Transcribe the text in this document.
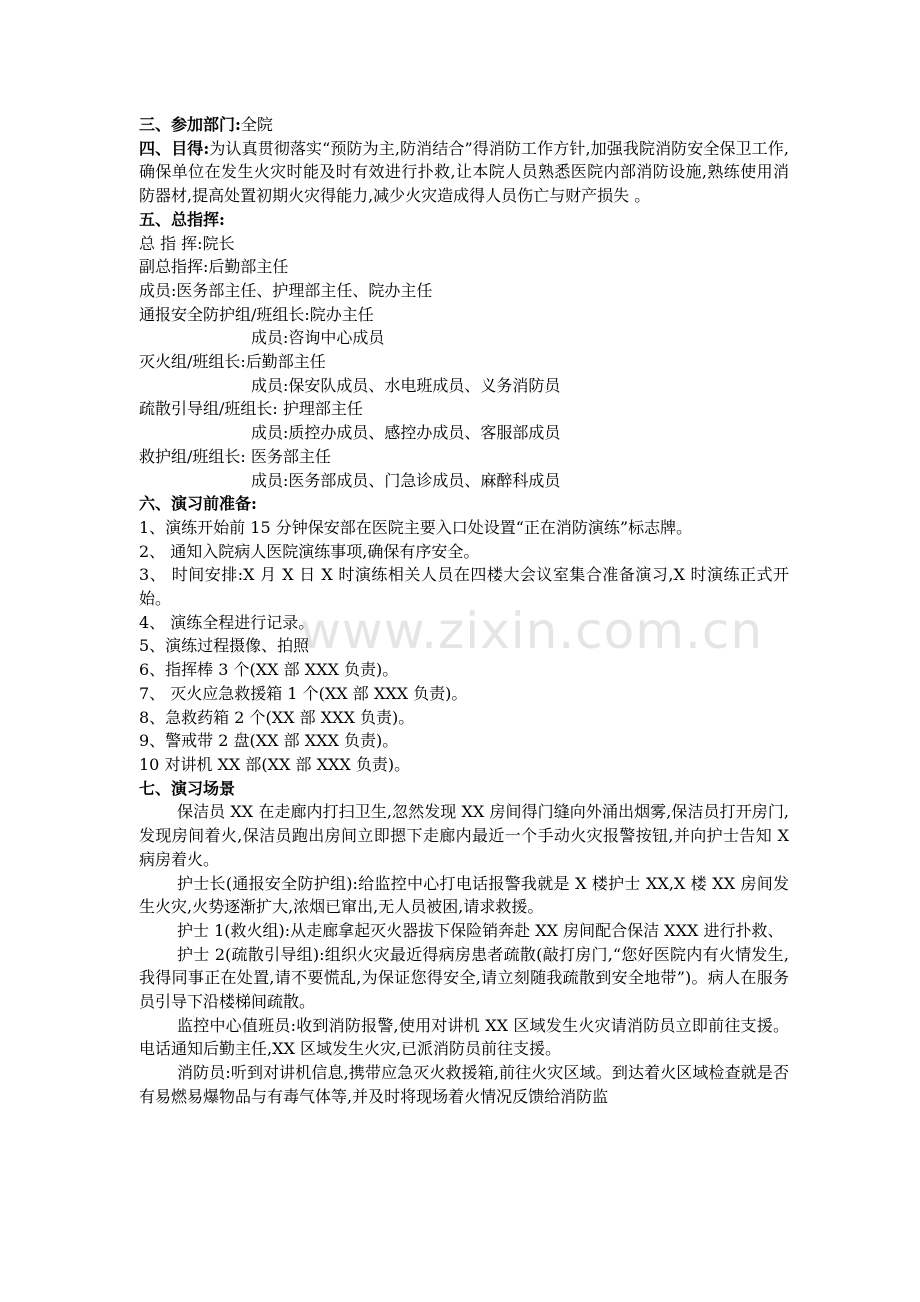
三、参加部门:全院
四、目得:为认真贯彻落实“预防为主,防消结合”得消防工作方针,加强我院消防安全保卫工作,确保单位在发生火灾时能及时有效进行扑救,让本院人员熟悉医院内部消防设施,熟练使用消防器材,提高处置初期火灾得能力,减少火灾造成得人员伤亡与财产损失 。
五、总指挥:
总 指 挥:院长
副总指挥:后勤部主任
成员:医务部主任、护理部主任、院办主任
通报安全防护组/班组长:院办主任
成员:咨询中心成员
灭火组/班组长:后勤部主任
成员:保安队成员、水电班成员、义务消防员
疏散引导组/班组长: 护理部主任
成员:质控办成员、感控办成员、客服部成员
救护组/班组长: 医务部主任
成员:医务部成员、门急诊成员、麻醉科成员
六、演习前准备:
1、演练开始前 15 分钟保安部在医院主要入口处设置“正在消防演练”标志牌。
2、 通知入院病人医院演练事项,确保有序安全。
3、 时间安排:X 月 X 日 X 时演练相关人员在四楼大会议室集合准备演习,X 时演练正式开始。
4、 演练全程进行记录。
5、演练过程摄像、拍照
6、指挥棒 3 个(XX 部 XXX 负责)。
7、 灭火应急救援箱 1 个(XX 部 XXX 负责)。
8、急救药箱 2 个(XX 部 XXX 负责)。
9、警戒带 2 盘(XX 部 XXX 负责)。
10 对讲机 XX 部(XX 部 XXX 负责)。
七、演习场景
保洁员 XX 在走廊内打扫卫生,忽然发现 XX 房间得门缝向外涌出烟雾,保洁员打开房门,发现房间着火,保洁员跑出房间立即摁下走廊内最近一个手动火灾报警按钮,并向护士告知 X 病房着火。
护士长(通报安全防护组):给监控中心打电话报警我就是 X 楼护士 XX,X 楼 XX 房间发生火灾,火势逐渐扩大,浓烟已窜出,无人员被困,请求救援。
护士 1(救火组):从走廊拿起灭火器拔下保险销奔赴 XX 房间配合保洁 XXX 进行扑救、
护士 2(疏散引导组):组织火灾最近得病房患者疏散(敲打房门,“您好医院内有火情发生,我得同事正在处置,请不要慌乱,为保证您得安全,请立刻随我疏散到安全地带”)。病人在服务员引导下沿楼梯间疏散。
监控中心值班员:收到消防报警,使用对讲机 XX 区域发生火灾请消防员立即前往支援。电话通知后勤主任,XX 区域发生火灾,已派消防员前往支援。
消防员:听到对讲机信息,携带应急灭火救援箱,前往火灾区域。到达着火区域检查就是否有易燃易爆物品与有毒气体等,并及时将现场着火情况反馈给消防监
www.zixin.com.cn
